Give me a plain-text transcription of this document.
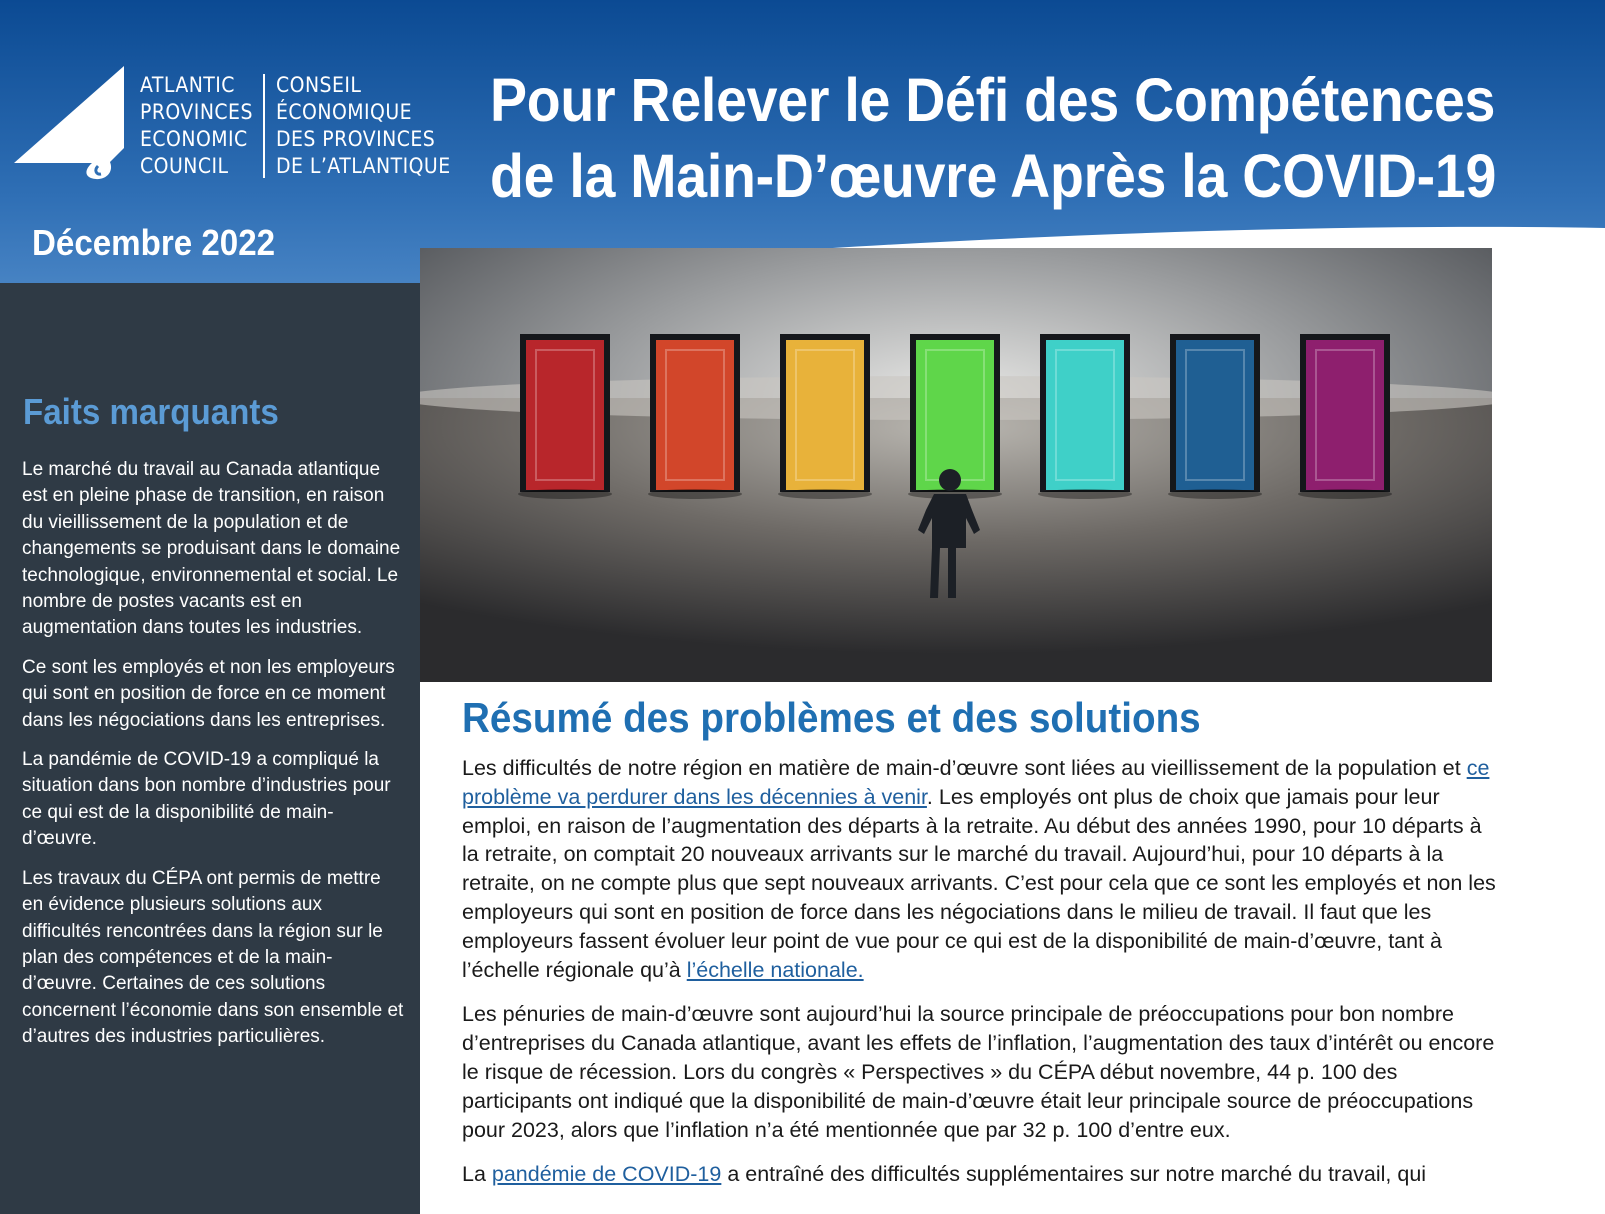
ATLANTIC
PROVINCES
ECONOMIC
COUNCIL
CONSEIL
ÉCONOMIQUE
DES PROVINCES
DE L’ATLANTIQUE
Pour Relever le Défi des Compétences
de la Main-D’œuvre Après la COVID-19
Décembre 2022
Faits marquants

Le marché du travail au Canada atlantique est en pleine phase de transition, en raison du vieillissement de la population et de changements se produisant dans le domaine technologique, environnemental et social. Le nombre de postes vacants est en augmentation dans toutes les industries.

Ce sont les employés et non les employeurs qui sont en position de force en ce moment dans les négociations dans les entreprises.

La pandémie de COVID-19 a compliqué la situation dans bon nombre d’industries pour ce qui est de la disponibilité de main-d’œuvre.

Les travaux du CÉPA ont permis de mettre en évidence plusieurs solutions aux difficultés rencontrées dans la région sur le plan des compétences et de la main-d’œuvre. Certaines de ces solutions concernent l’économie dans son ensemble et d’autres des industries particulières.

Résumé des problèmes et des solutions

Les difficultés de notre région en matière de main-d’œuvre sont liées au vieillissement de la population et ce problème va perdurer dans les décennies à venir. Les employés ont plus de choix que jamais pour leur emploi, en raison de l’augmentation des départs à la retraite. Au début des années 1990, pour 10 départs à la retraite, on comptait 20 nouveaux arrivants sur le marché du travail. Aujourd’hui, pour 10 départs à la retraite, on ne compte plus que sept nouveaux arrivants. C’est pour cela que ce sont les employés et non les employeurs qui sont en position de force dans les négociations dans le milieu de travail. Il faut que les employeurs fassent évoluer leur point de vue pour ce qui est de la disponibilité de main-d’œuvre, tant à l’échelle régionale qu’à l’échelle nationale.

Les pénuries de main-d’œuvre sont aujourd’hui la source principale de préoccupations pour bon nombre d’entreprises du Canada atlantique, avant les effets de l’inflation, l’augmentation des taux d’intérêt ou encore le risque de récession. Lors du congrès « Perspectives » du CÉPA début novembre, 44 p. 100 des participants ont indiqué que la disponibilité de main-d’œuvre était leur principale source de préoccupations pour 2023, alors que l’inflation n’a été mentionnée que par 32 p. 100 d’entre eux.

La pandémie de COVID-19 a entraîné des difficultés supplémentaires sur notre marché du travail, qui
